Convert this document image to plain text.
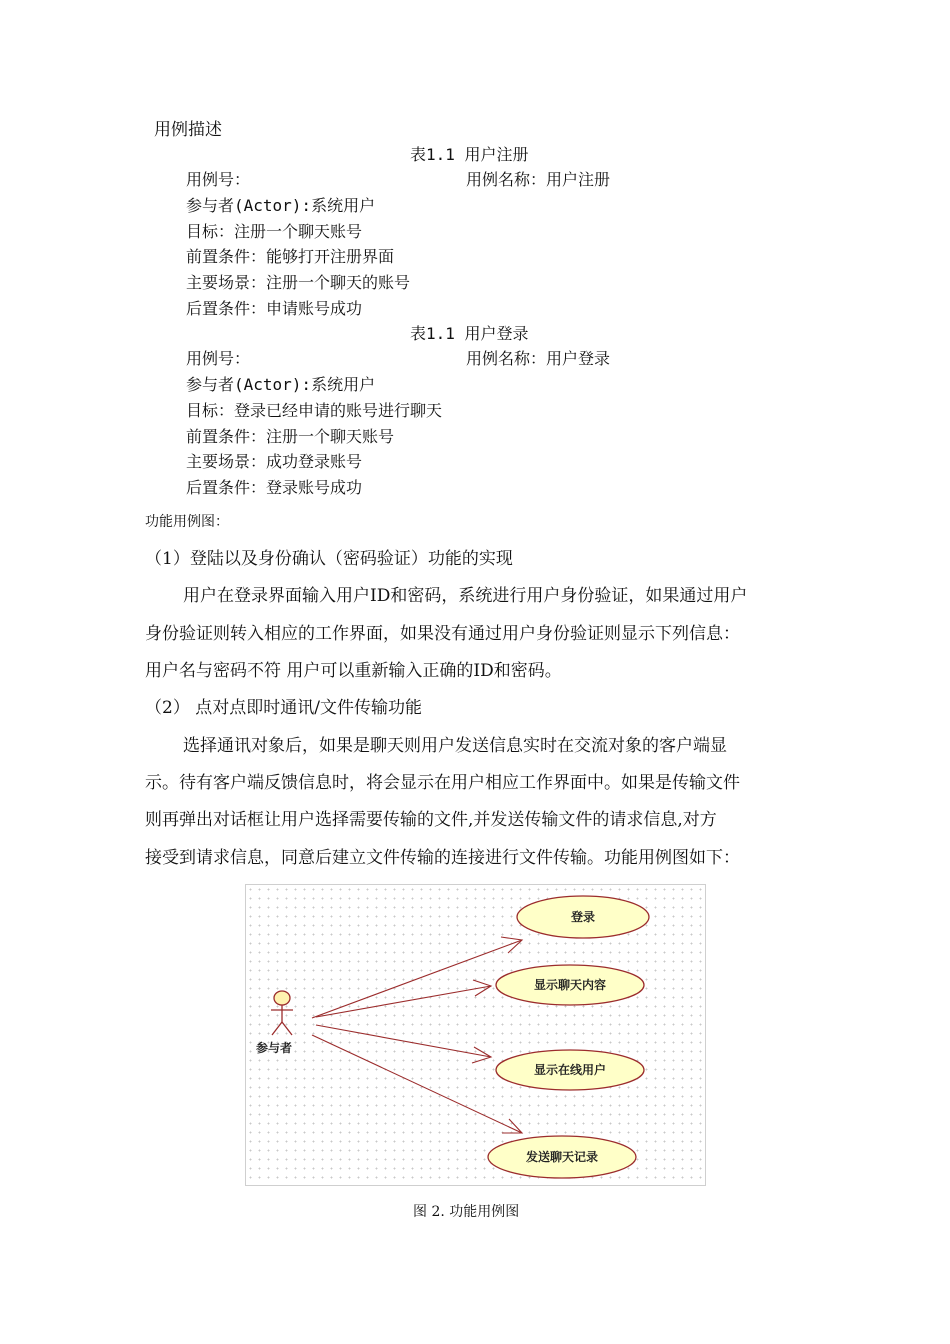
用例描述
表1.1 用户注册
用例号：	用例名称：用户注册
参与者(Actor):系统用户
目标：注册一个聊天账号
前置条件：能够打开注册界面
主要场景：注册一个聊天的账号
后置条件：申请账号成功
表1.1 用户登录
用例号：	用例名称：用户登录
参与者(Actor):系统用户
目标：登录已经申请的账号进行聊天
前置条件：注册一个聊天账号
主要场景：成功登录账号
后置条件：登录账号成功
功能用例图：
（1）登陆以及身份确认（密码验证）功能的实现
用户在登录界面输入用户ID和密码，系统进行用户身份验证，如果通过用户
身份验证则转入相应的工作界面，如果没有通过用户身份验证则显示下列信息：
用户名与密码不符 用户可以重新输入正确的ID和密码。
（2） 点对点即时通讯/文件传输功能
选择通讯对象后，如果是聊天则用户发送信息实时在交流对象的客户端显
示。待有客户端反馈信息时，将会显示在用户相应工作界面中。如果是传输文件
则再弹出对话框让用户选择需要传输的文件,并发送传输文件的请求信息,对方
接受到请求信息，同意后建立文件传输的连接进行文件传输。功能用例图如下：
参与者
登录
显示聊天内容
显示在线用户
发送聊天记录
图 2. 功能用例图
